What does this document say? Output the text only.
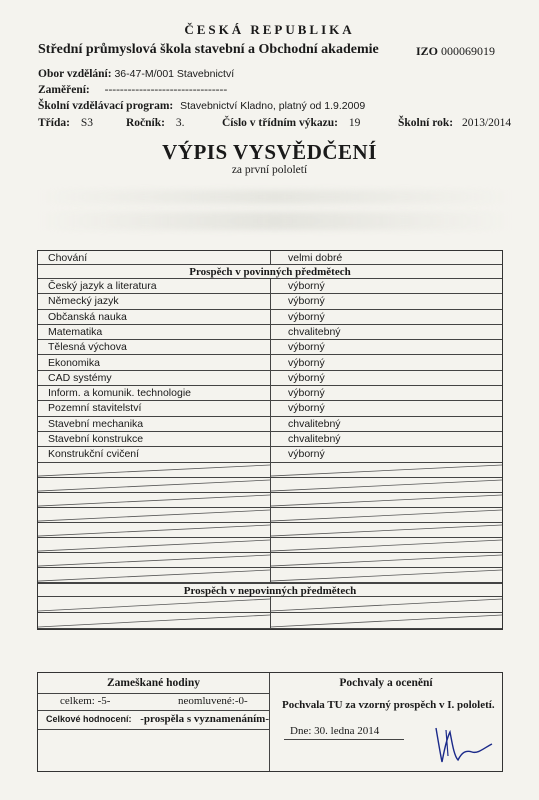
ČESKÁ REPUBLIKA
Střední průmyslová škola stavební a Obchodní akademie	IZO 000069019
Obor vzdělání: 36-47-M/001 Stavebnictví
Zaměření: --------------------------------
Školní vzdělávací program: Stavebnictví Kladno, platný od 1.9.2009
Třída: S3	Ročník: 3.	Číslo v třídním výkazu: 19	Školní rok: 2013/2014
VÝPIS VYSVĚDČENÍ
za první pololetí
Chování	velmi dobré
Prospěch v povinných předmětech
Český jazyk a literatura	výborný
Německý jazyk	výborný
Občanská nauka	výborný
Matematika	chvalitebný
Tělesná výchova	výborný
Ekonomika	výborný
CAD systémy	výborný
Inform. a komunik. technologie	výborný
Pozemní stavitelství	výborný
Stavební mechanika	chvalitebný
Stavební konstrukce	chvalitebný
Konstrukční cvičení	výborný
Prospěch v nepovinných předmětech
Zameškané hodiny
celkem: -5-	neomluvené:-0-
Celkové hodnocení: -prospěla s vyznamenáním-
Pochvaly a ocenění
Pochvala TU za vzorný prospěch v I. pololetí.
Dne: 30. ledna 2014
